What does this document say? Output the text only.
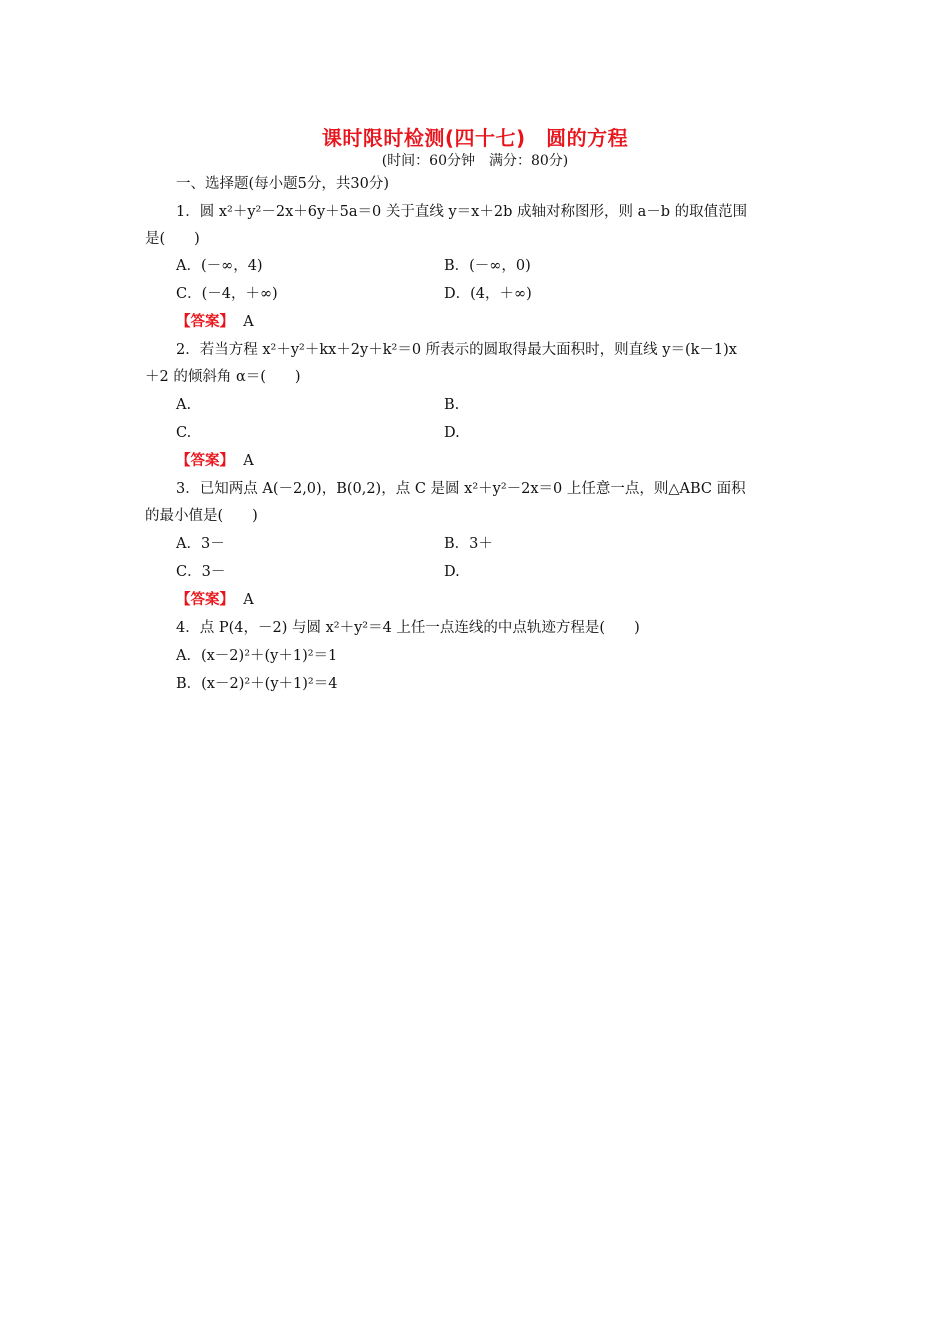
课时限时检测(四十七)　圆的方程
(时间：60分钟　满分：80分)
一、选择题(每小题5分，共30分)
1．圆 x²＋y²－2x＋6y＋5a＝0 关于直线 y＝x＋2b 成轴对称图形，则 a－b 的取值范围
是(　　)
A．(－∞，4)	B．(－∞，0)
C．(－4，＋∞)	D．(4，＋∞)
【答案】 A
2．若当方程 x²＋y²＋kx＋2y＋k²＝0 所表示的圆取得最大面积时，则直线 y＝(k－1)x
＋2 的倾斜角 α＝(　　)
A.	B.
C.	D.
【答案】 A
3．已知两点 A(－2,0)，B(0,2)，点 C 是圆 x²＋y²－2x＝0 上任意一点，则△ABC 面积
的最小值是(　　)
A．3－	B．3＋
C．3－	D.
【答案】 A
4．点 P(4，－2) 与圆 x²＋y²＝4 上任一点连线的中点轨迹方程是(　　)
A．(x－2)²＋(y＋1)²＝1
B．(x－2)²＋(y＋1)²＝4
